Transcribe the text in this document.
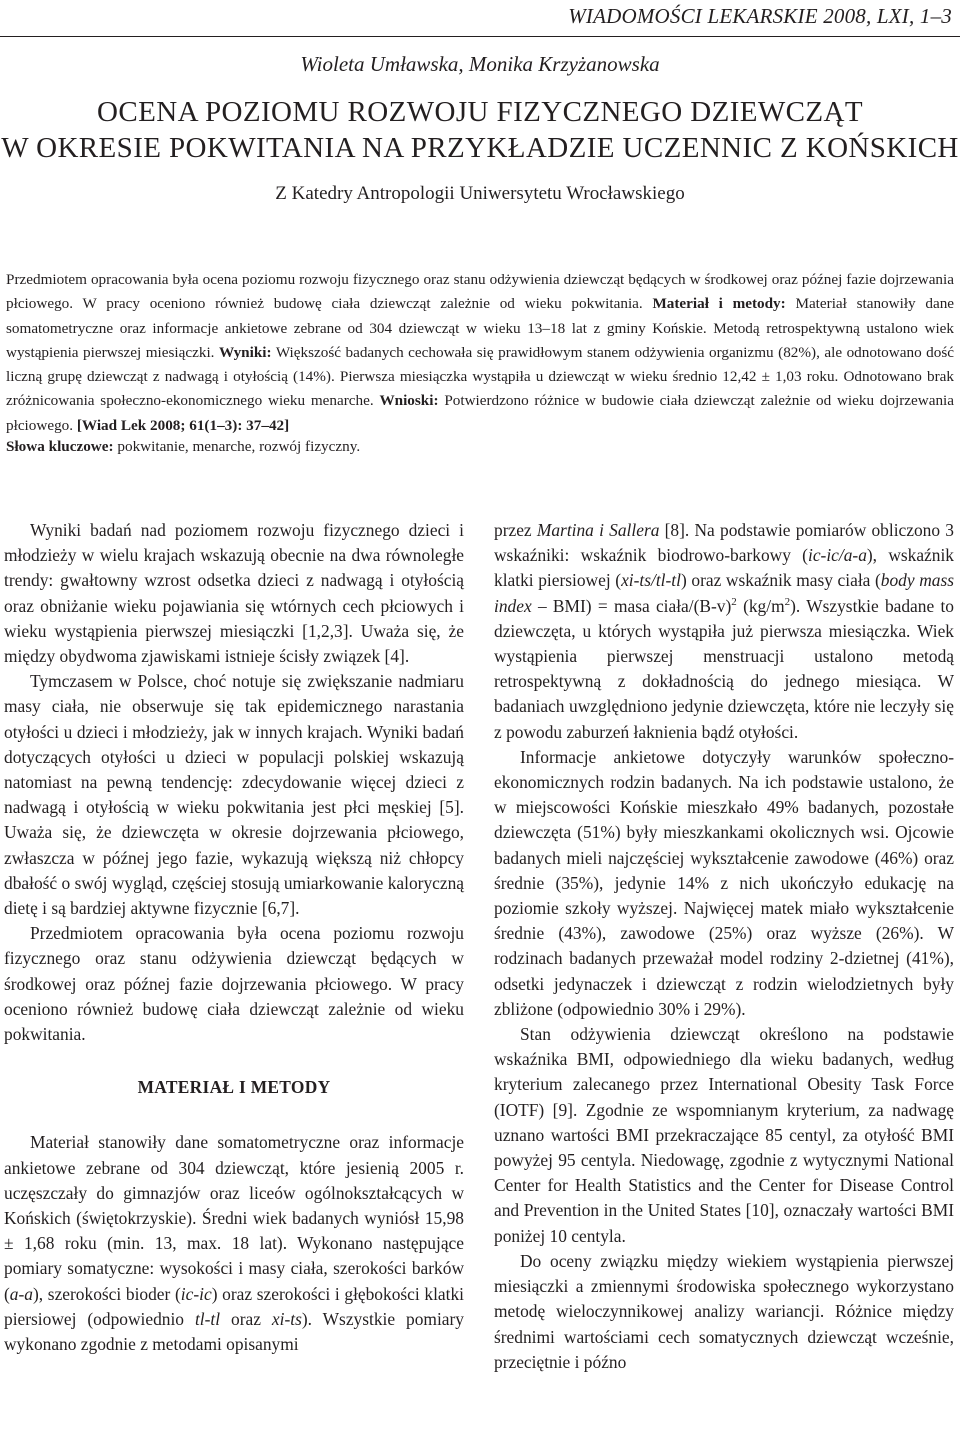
WIADOMOŚCI LEKARSKIE 2008, LXI, 1–3
Wioleta Umławska, Monika Krzyżanowska
OCENA POZIOMU ROZWOJU FIZYCZNEGO DZIEWCZĄT
W OKRESIE POKWITANIA NA PRZYKŁADZIE UCZENNIC Z KOŃSKICH
Z Katedry Antropologii Uniwersytetu Wrocławskiego
Przedmiotem opracowania była ocena poziomu rozwoju fizycznego oraz stanu odżywienia dziewcząt będących w środkowej oraz późnej fazie dojrzewania płciowego. W pracy oceniono również budowę ciała dziewcząt zależnie od wieku pokwitania. Materiał i metody: Materiał stanowiły dane somatometryczne oraz informacje ankietowe zebrane od 304 dziewcząt w wieku 13–18 lat z gminy Końskie. Metodą retrospektywną ustalono wiek wystąpienia pierwszej miesiączki. Wyniki: Większość badanych cechowała się prawidłowym stanem odżywienia organizmu (82%), ale odnotowano dość liczną grupę dziewcząt z nadwagą i otyłością (14%). Pierwsza miesiączka wystąpiła u dziewcząt w wieku średnio 12,42 ± 1,03 roku. Odnotowano brak zróżnicowania społeczno-ekonomicznego wieku menarche. Wnioski: Potwierdzono różnice w budowie ciała dziewcząt zależnie od wieku dojrzewania płciowego. [Wiad Lek 2008; 61(1–3): 37–42]
Słowa kluczowe: pokwitanie, menarche, rozwój fizyczny.

Wyniki badań nad poziomem rozwoju fizycznego dzieci i młodzieży w wielu krajach wskazują obecnie na dwa równoległe trendy: gwałtowny wzrost odsetka dzieci z nadwagą i otyłością oraz obniżanie wieku pojawiania się wtórnych cech płciowych i wieku wystąpienia pierwszej miesiączki [1,2,3]. Uważa się, że między obydwoma zjawiskami istnieje ścisły związek [4].

Tymczasem w Polsce, choć notuje się zwiększanie nadmiaru masy ciała, nie obserwuje się tak epidemicznego narastania otyłości u dzieci i młodzieży, jak w innych krajach. Wyniki badań dotyczących otyłości u dzieci w populacji polskiej wskazują natomiast na pewną tendencję: zdecydowanie więcej dzieci z nadwagą i otyłością w wieku pokwitania jest płci męskiej [5]. Uważa się, że dziewczęta w okresie dojrzewania płciowego, zwłaszcza w późnej jego fazie, wykazują większą niż chłopcy dbałość o swój wygląd, częściej stosują umiarkowanie kaloryczną dietę i są bardziej aktywne fizycznie [6,7].

Przedmiotem opracowania była ocena poziomu rozwoju fizycznego oraz stanu odżywienia dziewcząt będących w środkowej oraz późnej fazie dojrzewania płciowego. W pracy oceniono również budowę ciała dziewcząt zależnie od wieku pokwitania.

MATERIAŁ I METODY

Materiał stanowiły dane somatometryczne oraz informacje ankietowe zebrane od 304 dziewcząt, które jesienią 2005 r. uczęszczały do gimnazjów oraz liceów ogólnokształcących w Końskich (świętokrzyskie). Średni wiek badanych wyniósł 15,98 ± 1,68 roku (min. 13, max. 18 lat). Wykonano następujące pomiary somatyczne: wysokości i masy ciała, szerokości barków (a-a), szerokości bioder (ic-ic) oraz szerokości i głębokości klatki piersiowej (odpowiednio tl-tl oraz xi-ts). Wszystkie pomiary wykonano zgodnie z metodami opisanymi

przez Martina i Sallera [8]. Na podstawie pomiarów obliczono 3 wskaźniki: wskaźnik biodrowo-barkowy (ic-ic/a-a), wskaźnik klatki piersiowej (xi-ts/tl-tl) oraz wskaźnik masy ciała (body mass index – BMI) = masa ciała/$(B-v)^2$ $(kg/m^2)$. Wszystkie badane to dziewczęta, u których wystąpiła już pierwsza miesiączka. Wiek wystąpienia pierwszej menstruacji ustalono metodą retrospektywną z dokładnością do jednego miesiąca. W badaniach uwzględniono jedynie dziewczęta, które nie leczyły się z powodu zaburzeń łaknienia bądź otyłości.

Informacje ankietowe dotyczyły warunków społeczno-ekonomicznych rodzin badanych. Na ich podstawie ustalono, że w miejscowości Końskie mieszkało 49% badanych, pozostałe dziewczęta (51%) były mieszkankami okolicznych wsi. Ojcowie badanych mieli najczęściej wykształcenie zawodowe (46%) oraz średnie (35%), jedynie 14% z nich ukończyło edukację na poziomie szkoły wyższej. Najwięcej matek miało wykształcenie średnie (43%), zawodowe (25%) oraz wyższe (26%). W rodzinach badanych przeważał model rodziny 2-dzietnej (41%), odsetki jedynaczek i dziewcząt z rodzin wielodzietnych były zbliżone (odpowiednio 30% i 29%).

Stan odżywienia dziewcząt określono na podstawie wskaźnika BMI, odpowiedniego dla wieku badanych, według kryterium zalecanego przez International Obesity Task Force (IOTF) [9]. Zgodnie ze wspomnianym kryterium, za nadwagę uznano wartości BMI przekraczające 85 centyl, za otyłość BMI powyżej 95 centyla. Niedowagę, zgodnie z wytycznymi National Center for Health Statistics and the Center for Disease Control and Prevention in the United States [10], oznaczały wartości BMI poniżej 10 centyla.

Do oceny związku między wiekiem wystąpienia pierwszej miesiączki a zmiennymi środowiska społecznego wykorzystano metodę wieloczynnikowej analizy wariancji. Różnice między średnimi wartościami cech somatycznych dziewcząt wcześnie, przeciętnie i późno
